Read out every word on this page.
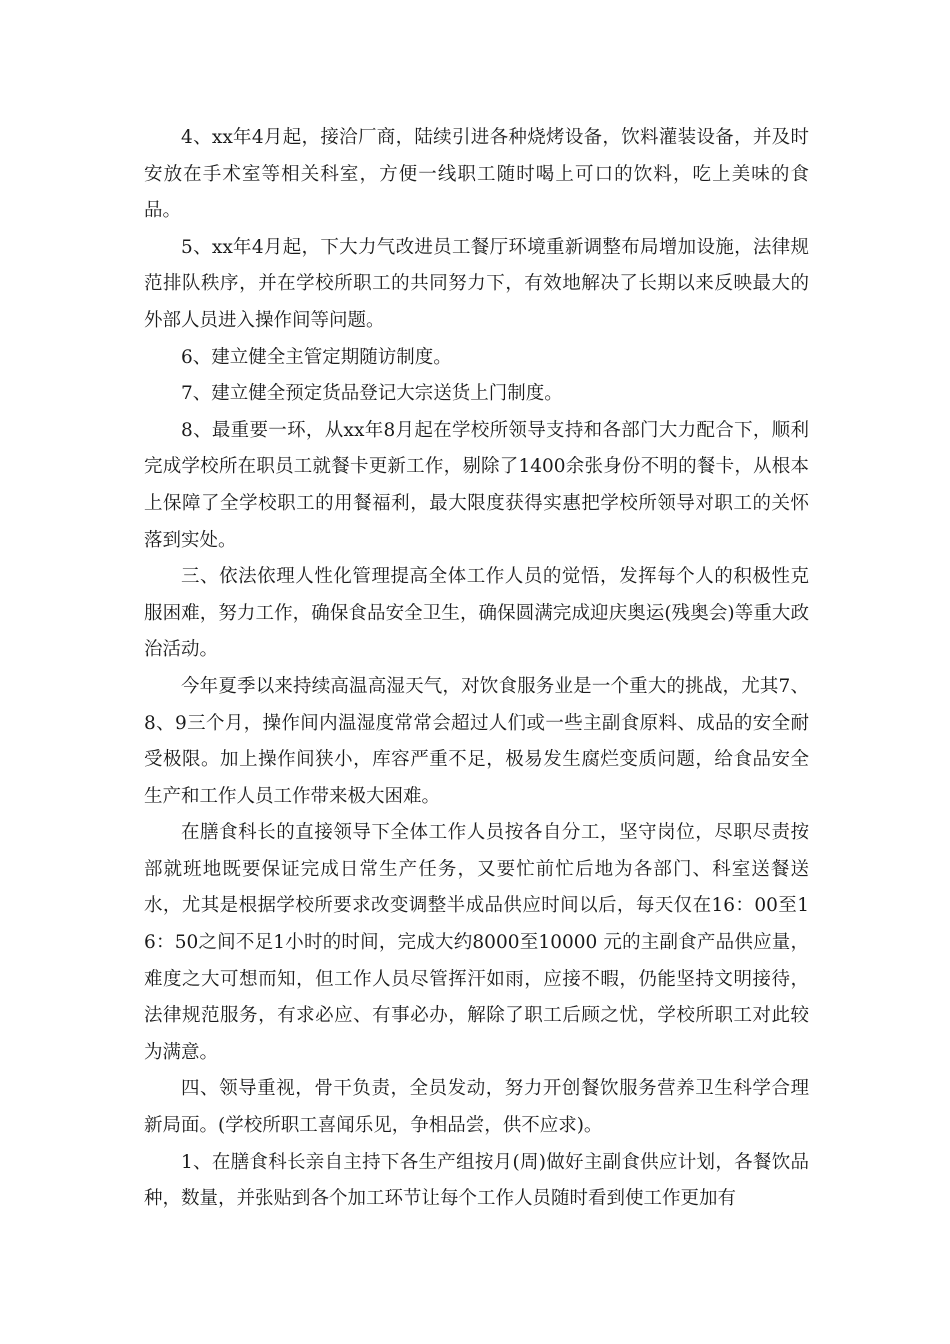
4、xx年4月起，接洽厂商，陆续引进各种烧烤设备，饮料灌装设备，并及时安放在手术室等相关科室，方便一线职工随时喝上可口的饮料，吃上美味的食品。

5、xx年4月起，下大力气改进员工餐厅环境重新调整布局增加设施，法律规范排队秩序，并在学校所职工的共同努力下，有效地解决了长期以来反映最大的外部人员进入操作间等问题。

6、建立健全主管定期随访制度。

7、建立健全预定货品登记大宗送货上门制度。

8、最重要一环，从xx年8月起在学校所领导支持和各部门大力配合下，顺利完成学校所在职员工就餐卡更新工作，剔除了1400余张身份不明的餐卡，从根本上保障了全学校职工的用餐福利，最大限度获得实惠把学校所领导对职工的关怀落到实处。

三、依法依理人性化管理提高全体工作人员的觉悟，发挥每个人的积极性克服困难，努力工作，确保食品安全卫生，确保圆满完成迎庆奥运(残奥会)等重大政治活动。

今年夏季以来持续高温高湿天气，对饮食服务业是一个重大的挑战，尤其7、8、9三个月，操作间内温湿度常常会超过人们或一些主副食原料、成品的安全耐受极限。加上操作间狭小，库容严重不足，极易发生腐烂变质问题，给食品安全生产和工作人员工作带来极大困难。

在膳食科长的直接领导下全体工作人员按各自分工，坚守岗位，尽职尽责按部就班地既要保证完成日常生产任务，又要忙前忙后地为各部门、科室送餐送水，尤其是根据学校所要求改变调整半成品供应时间以后，每天仅在16：00至16：50之间不足1小时的时间，完成大约8000至10000 元的主副食产品供应量，难度之大可想而知，但工作人员尽管挥汗如雨，应接不暇，仍能坚持文明接待，法律规范服务，有求必应、有事必办，解除了职工后顾之忧，学校所职工对此较为满意。

四、领导重视，骨干负责，全员发动，努力开创餐饮服务营养卫生科学合理新局面。(学校所职工喜闻乐见，争相品尝，供不应求)。

1、在膳食科长亲自主持下各生产组按月(周)做好主副食供应计划，各餐饮品种，数量，并张贴到各个加工环节让每个工作人员随时看到使工作更加有
